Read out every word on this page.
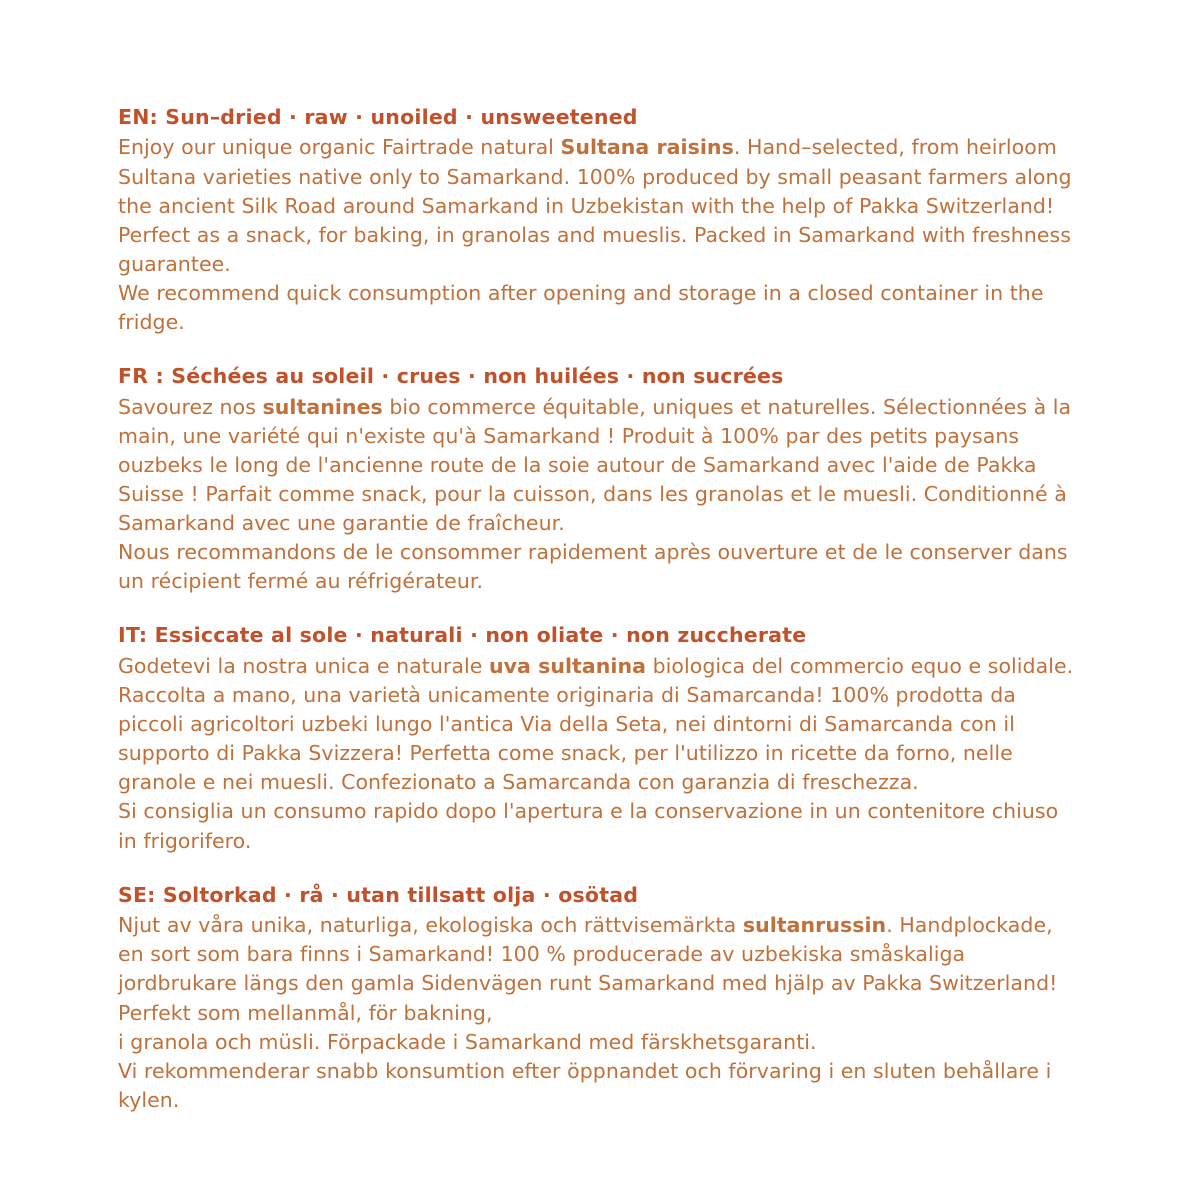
EN: Sun–dried · raw · unoiled · unsweetened

Enjoy our unique organic Fairtrade natural Sultana raisins. Hand–selected, from heirloom Sultana varieties native only to Samarkand. 100% produced by small peasant farmers along the ancient Silk Road around Samarkand in Uzbekistan with the help of Pakka Switzerland! Perfect as a snack, for baking, in granolas and mueslis. Packed in Samarkand with freshness guarantee.

We recommend quick consumption after opening and storage in a closed container in the fridge.

FR : Séchées au soleil · crues · non huilées · non sucrées

Savourez nos sultanines bio commerce équitable, uniques et naturelles. Sélectionnées à la main, une variété qui n'existe qu'à Samarkand ! Produit à 100% par des petits paysans ouzbeks le long de l'ancienne route de la soie autour de Samarkand avec l'aide de Pakka Suisse ! Parfait comme snack, pour la cuisson, dans les granolas et le muesli. Conditionné à Samarkand avec une garantie de fraîcheur.

Nous recommandons de le consommer rapidement après ouverture et de le conserver dans un récipient fermé au réfrigérateur.

IT: Essiccate al sole · naturali · non oliate · non zuccherate

Godetevi la nostra unica e naturale uva sultanina biologica del commercio equo e solidale. Raccolta a mano, una varietà unicamente originaria di Samarcanda! 100% prodotta da piccoli agricoltori uzbeki lungo l'antica Via della Seta, nei dintorni di Samarcanda con il supporto di Pakka Svizzera! Perfetta come snack, per l'utilizzo in ricette da forno, nelle granole e nei muesli. Confezionato a Samarcanda con garanzia di freschezza.

Si consiglia un consumo rapido dopo l'apertura e la conservazione in un contenitore chiuso in frigorifero.

SE: Soltorkad · rå · utan tillsatt olja · osötad

Njut av våra unika, naturliga, ekologiska och rättvisemärkta sultanrussin. Handplockade, en sort som bara finns i Samarkand! 100 % producerade av uzbekiska småskaliga jordbrukare längs den gamla Sidenvägen runt Samarkand med hjälp av Pakka Switzerland! Perfekt som mellanmål, för bakning,

i granola och müsli. Förpackade i Samarkand med färskhetsgaranti.

Vi rekommenderar snabb konsumtion efter öppnandet och förvaring i en sluten behållare i kylen.
